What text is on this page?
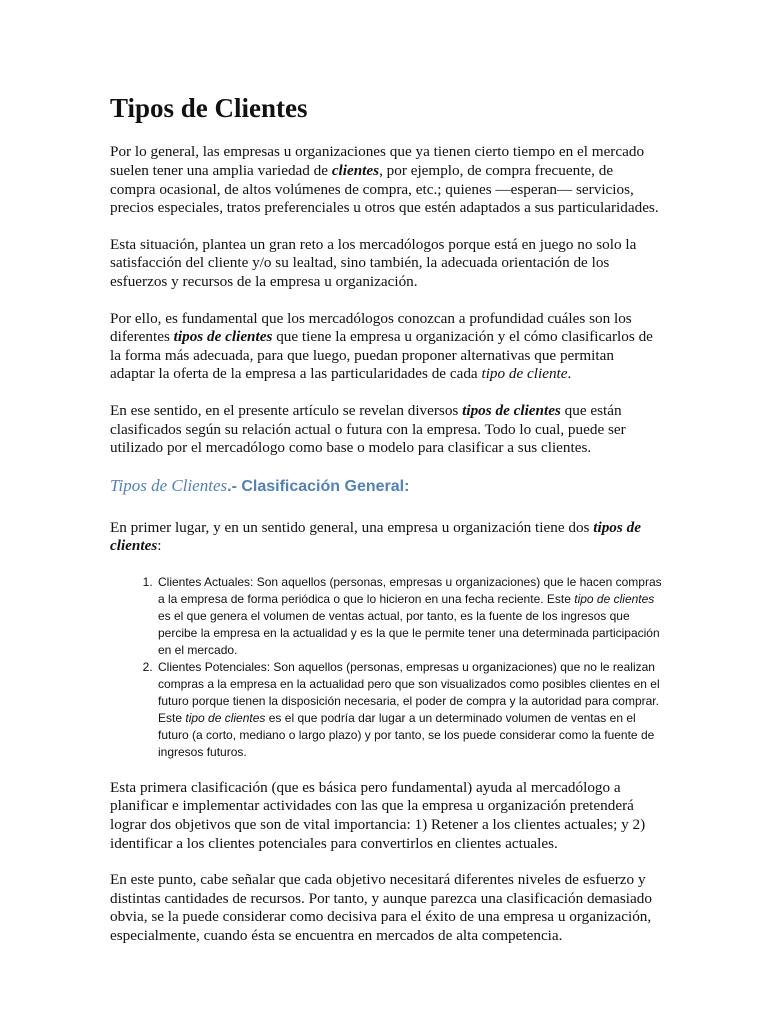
Tipos de Clientes

Por lo general, las empresas u organizaciones que ya tienen cierto tiempo en el mercado suelen tener una amplia variedad de clientes, por ejemplo, de compra frecuente, de compra ocasional, de altos volúmenes de compra, etc.; quienes —esperan— servicios, precios especiales, tratos preferenciales u otros que estén adaptados a sus particularidades.

Esta situación, plantea un gran reto a los mercadólogos porque está en juego no solo la satisfacción del cliente y/o su lealtad, sino también, la adecuada orientación de los esfuerzos y recursos de la empresa u organización.

Por ello, es fundamental que los mercadólogos conozcan a profundidad cuáles son los diferentes tipos de clientes que tiene la empresa u organización y el cómo clasificarlos de la forma más adecuada, para que luego, puedan proponer alternativas que permitan adaptar la oferta de la empresa a las particularidades de cada tipo de cliente.

En ese sentido, en el presente artículo se revelan diversos tipos de clientes que están clasificados según su relación actual o futura con la empresa. Todo lo cual, puede ser utilizado por el mercadólogo como base o modelo para clasificar a sus clientes.

Tipos de Clientes.- Clasificación General:

En primer lugar, y en un sentido general, una empresa u organización tiene dos tipos de clientes:

1. Clientes Actuales: Son aquellos (personas, empresas u organizaciones) que le hacen compras a la empresa de forma periódica o que lo hicieron en una fecha reciente. Este tipo de clientes es el que genera el volumen de ventas actual, por tanto, es la fuente de los ingresos que percibe la empresa en la actualidad y es la que le permite tener una determinada participación en el mercado.
2. Clientes Potenciales: Son aquellos (personas, empresas u organizaciones) que no le realizan compras a la empresa en la actualidad pero que son visualizados como posibles clientes en el futuro porque tienen la disposición necesaria, el poder de compra y la autoridad para comprar. Este tipo de clientes es el que podría dar lugar a un determinado volumen de ventas en el futuro (a corto, mediano o largo plazo) y por tanto, se los puede considerar como la fuente de ingresos futuros.

Esta primera clasificación (que es básica pero fundamental) ayuda al mercadólogo a planificar e implementar actividades con las que la empresa u organización pretenderá lograr dos objetivos que son de vital importancia: 1) Retener a los clientes actuales; y 2) identificar a los clientes potenciales para convertirlos en clientes actuales.

En este punto, cabe señalar que cada objetivo necesitará diferentes niveles de esfuerzo y distintas cantidades de recursos. Por tanto, y aunque parezca una clasificación demasiado obvia, se la puede considerar como decisiva para el éxito de una empresa u organización, especialmente, cuando ésta se encuentra en mercados de alta competencia.
